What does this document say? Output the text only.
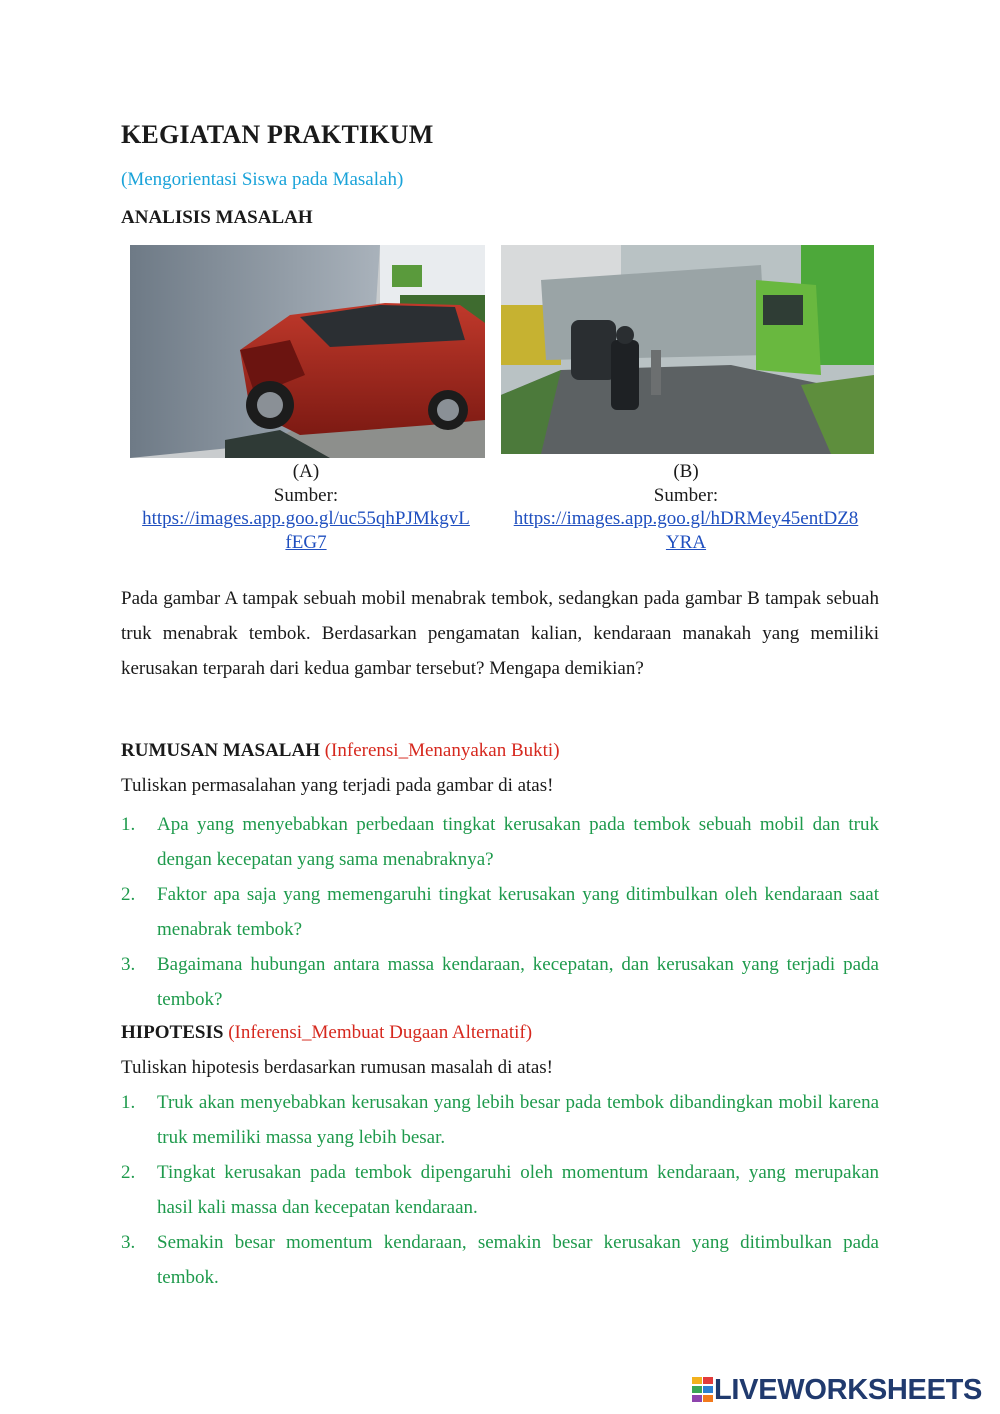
KEGIATAN PRAKTIKUM
(Mengorientasi Siswa pada Masalah)
ANALISIS MASALAH
(A)
Sumber:
https://images.app.goo.gl/uc55qhPJMkgvL
fEG7
(B)
Sumber:
https://images.app.goo.gl/hDRMey45entDZ8
YRA

Pada gambar A tampak sebuah mobil menabrak tembok, sedangkan pada gambar B tampak sebuah truk menabrak tembok. Berdasarkan pengamatan kalian, kendaraan manakah yang memiliki kerusakan terparah dari kedua gambar tersebut? Mengapa demikian?

RUMUSAN MASALAH (Inferensi_Menanyakan Bukti)
Tuliskan permasalahan yang terjadi pada gambar di atas!
1. Apa yang menyebabkan perbedaan tingkat kerusakan pada tembok sebuah mobil dan truk dengan kecepatan yang sama menabraknya?
2. Faktor apa saja yang memengaruhi tingkat kerusakan yang ditimbulkan oleh kendaraan saat menabrak tembok?
3. Bagaimana hubungan antara massa kendaraan, kecepatan, dan kerusakan yang terjadi pada tembok?
HIPOTESIS (Inferensi_Membuat Dugaan Alternatif)
Tuliskan hipotesis berdasarkan rumusan masalah di atas!
1. Truk akan menyebabkan kerusakan yang lebih besar pada tembok dibandingkan mobil karena truk memiliki massa yang lebih besar.
2. Tingkat kerusakan pada tembok dipengaruhi oleh momentum kendaraan, yang merupakan hasil kali massa dan kecepatan kendaraan.
3. Semakin besar momentum kendaraan, semakin besar kerusakan yang ditimbulkan pada tembok.
LIVEWORKSHEETS
